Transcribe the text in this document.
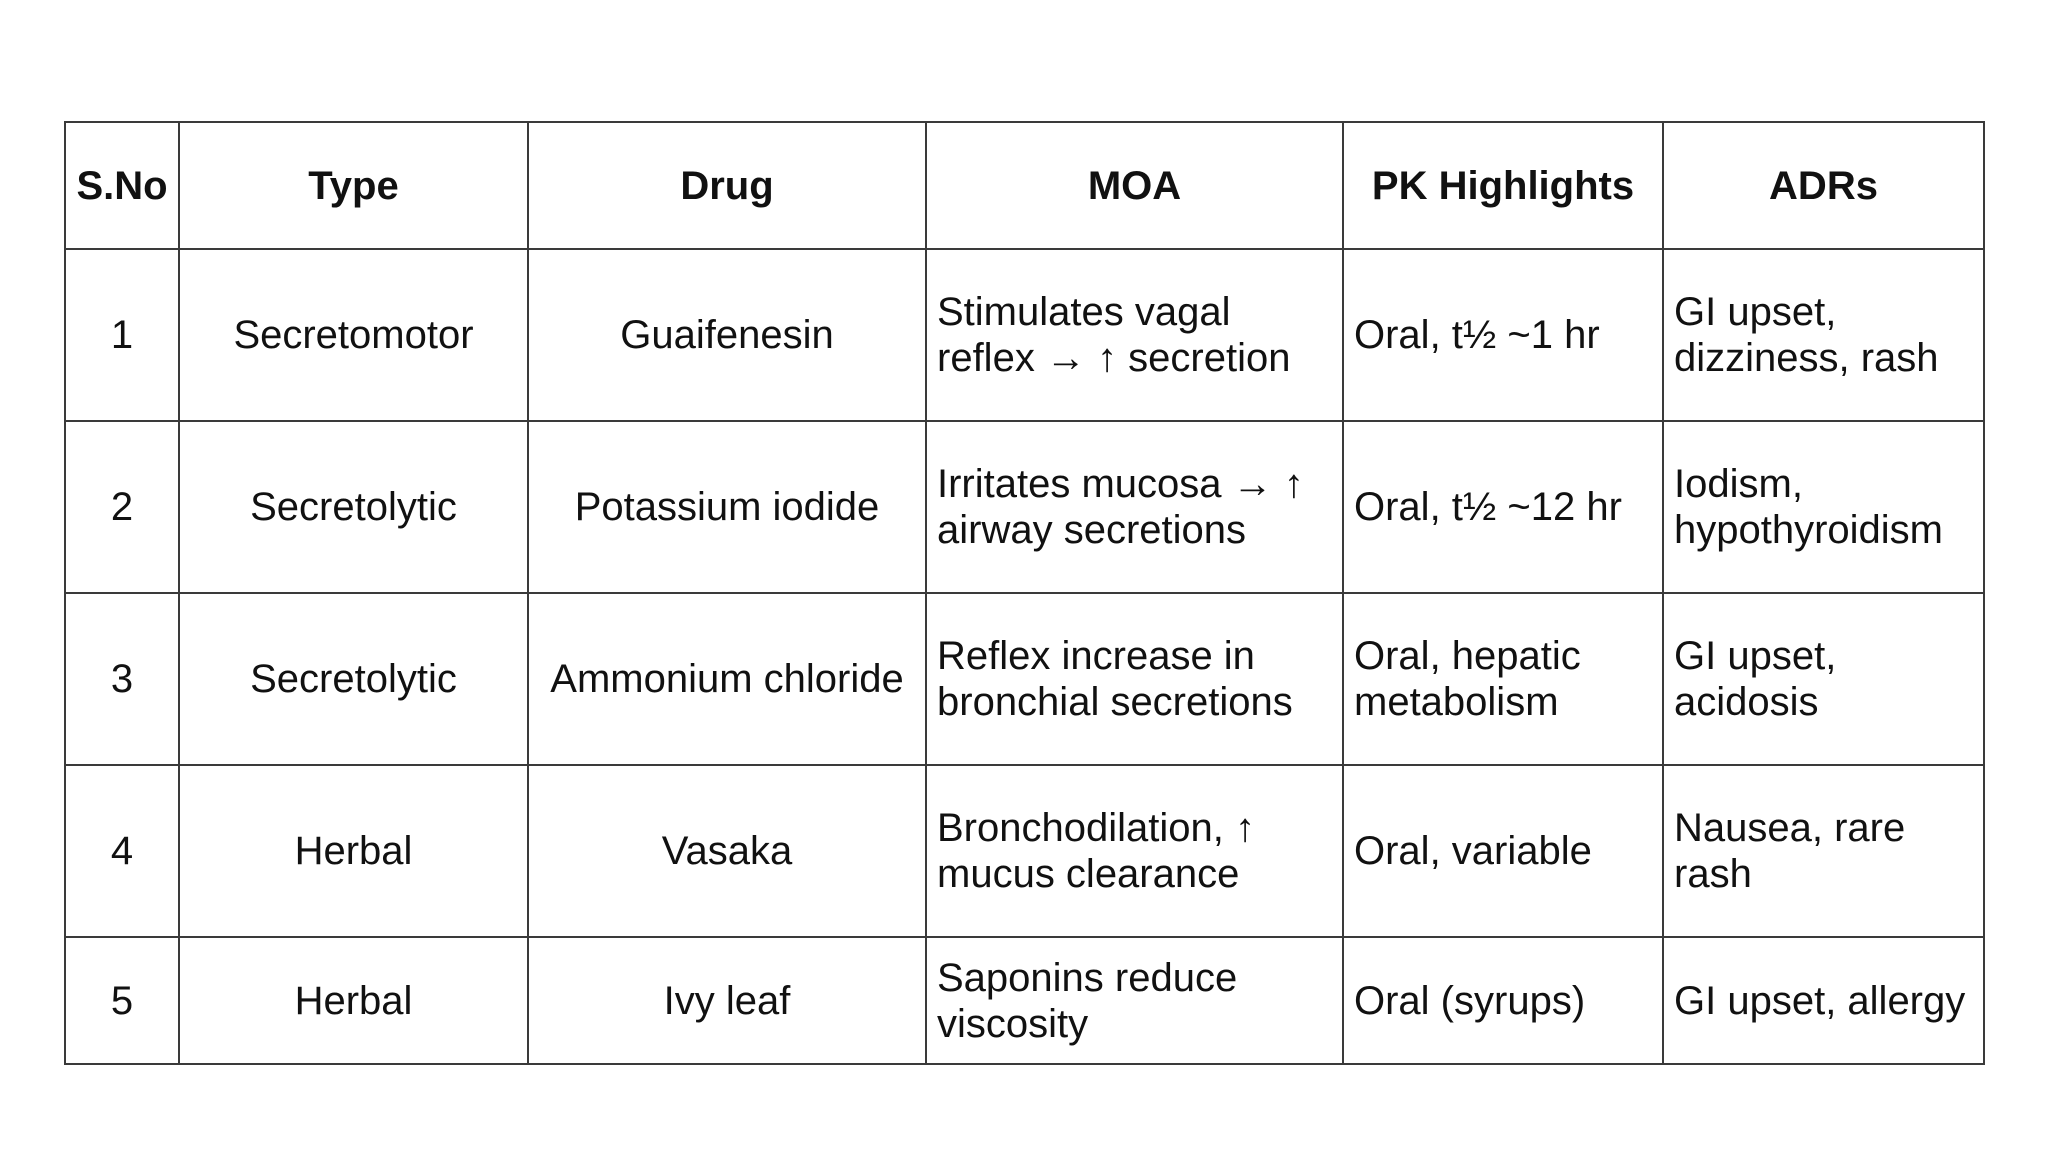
S.No	Type	Drug	MOA	PK Highlights	ADRs
1	Secretomotor	Guaifenesin	Stimulates vagal reflex → ↑ secretion	Oral, t½ ~1 hr	GI upset, dizziness, rash
2	Secretolytic	Potassium iodide	Irritates mucosa → ↑ airway secretions	Oral, t½ ~12 hr	Iodism, hypothyroidism
3	Secretolytic	Ammonium chloride	Reflex increase in bronchial secretions	Oral, hepatic metabolism	GI upset, acidosis
4	Herbal	Vasaka	Bronchodilation, ↑ mucus clearance	Oral, variable	Nausea, rare rash
5	Herbal	Ivy leaf	Saponins reduce viscosity	Oral (syrups)	GI upset, allergy
